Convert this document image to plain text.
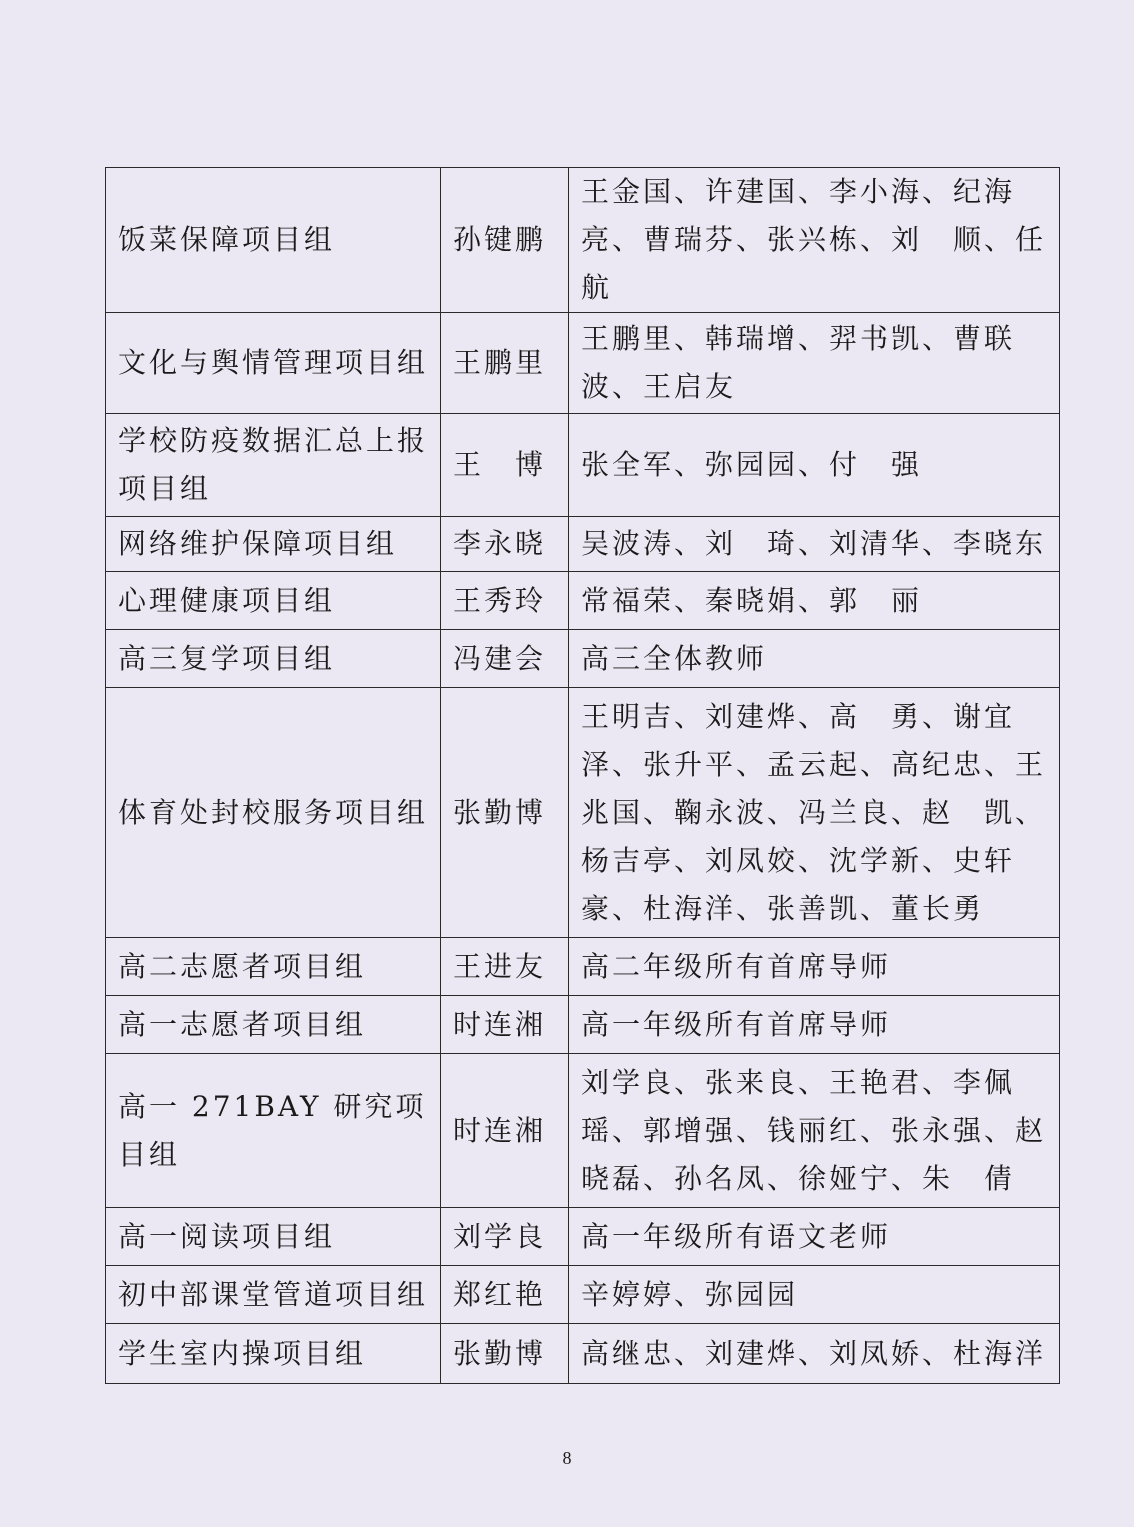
饭菜保障项目组	孙键鹏	王金国、许建国、李小海、纪海亮、曹瑞芬、张兴栋、刘　顺、任　航
文化与舆情管理项目组	王鹏里	王鹏里、韩瑞增、羿书凯、曹联波、王启友
学校防疫数据汇总上报项目组	王　博	张全军、弥园园、付　强
网络维护保障项目组	李永晓	吴波涛、刘　琦、刘清华、李晓东
心理健康项目组	王秀玲	常福荣、秦晓娟、郭　丽
高三复学项目组	冯建会	高三全体教师
体育处封校服务项目组	张勤博	王明吉、刘建烨、高　勇、谢宜泽、张升平、孟云起、高纪忠、王兆国、鞠永波、冯兰良、赵　凯、杨吉亭、刘凤姣、沈学新、史轩豪、杜海洋、张善凯、董长勇
高二志愿者项目组	王进友	高二年级所有首席导师
高一志愿者项目组	时连湘	高一年级所有首席导师
高一 271BAY 研究项目组	时连湘	刘学良、张来良、王艳君、李佩瑶、郭增强、钱丽红、张永强、赵晓磊、孙名凤、徐娅宁、朱　倩
高一阅读项目组	刘学良	高一年级所有语文老师
初中部课堂管道项目组	郑红艳	辛婷婷、弥园园
学生室内操项目组	张勤博	高继忠、刘建烨、刘凤娇、杜海洋
8
